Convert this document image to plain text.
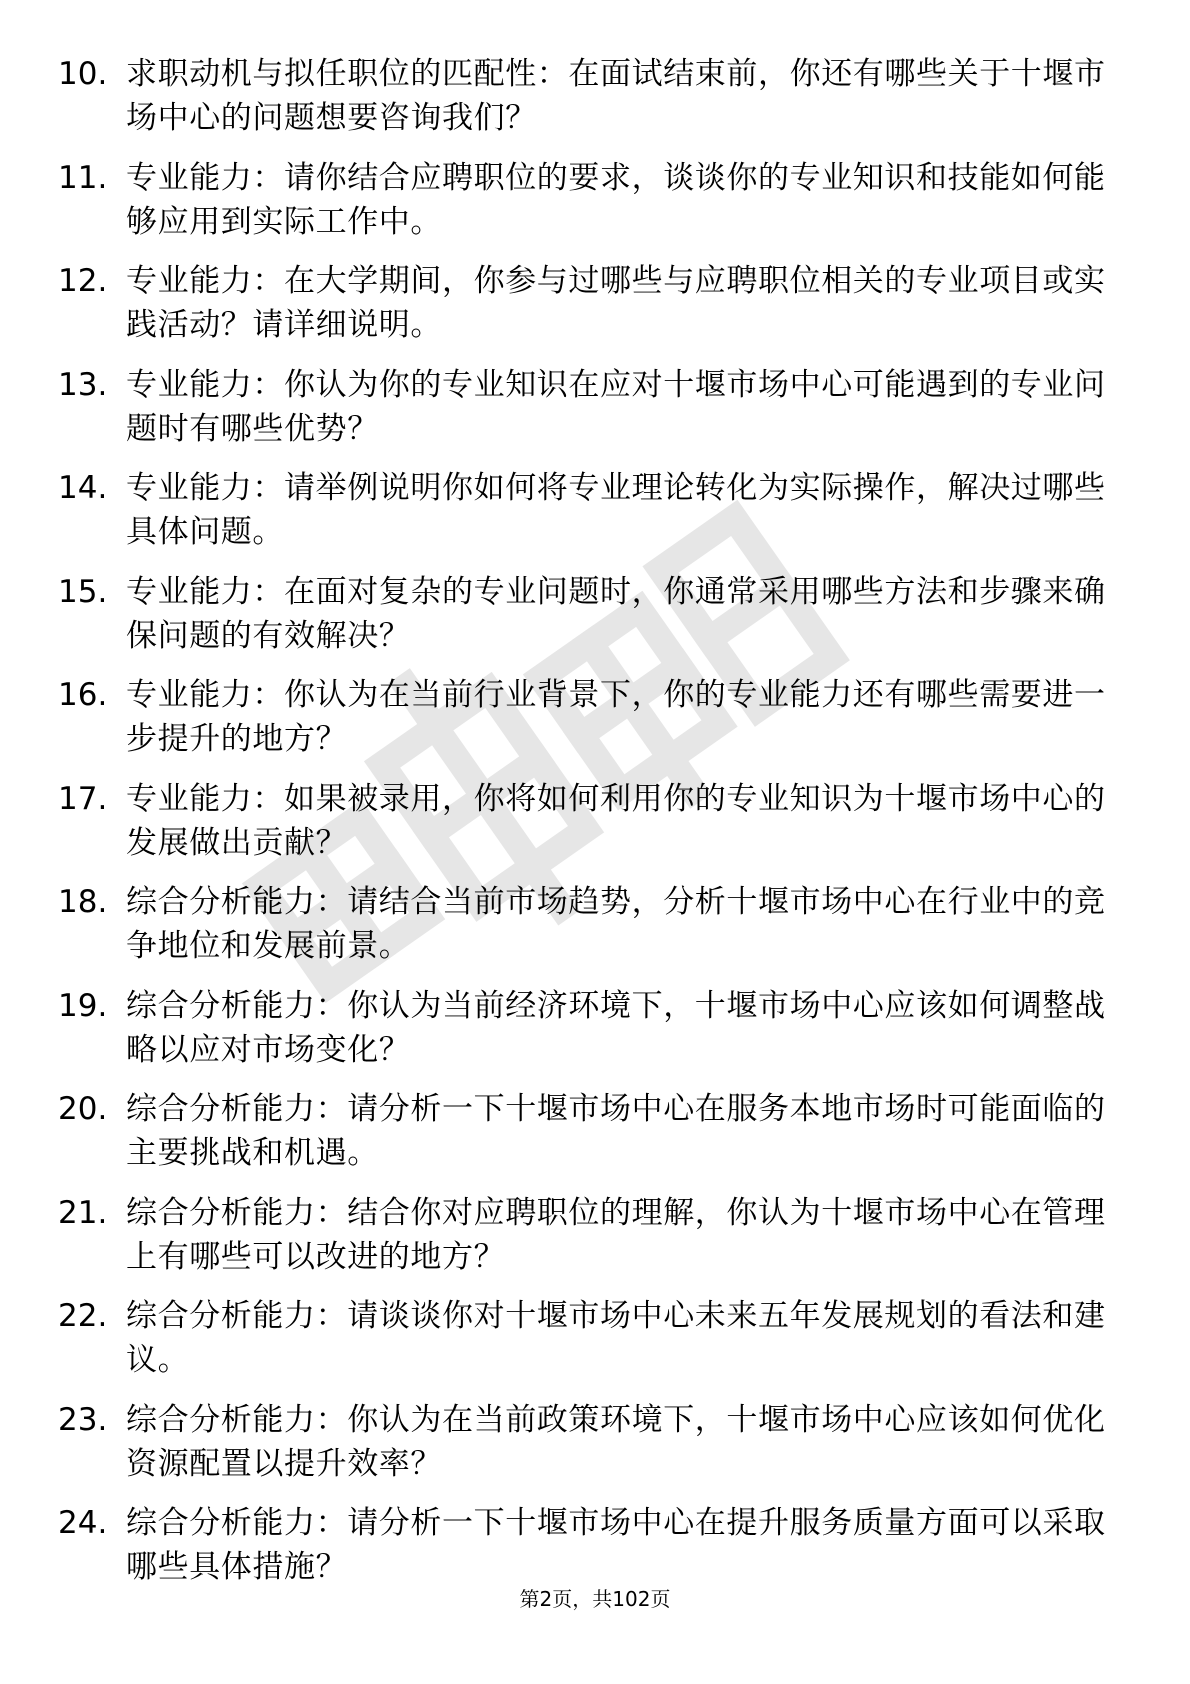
10. 求职动机与拟任职位的匹配性：在面试结束前，你还有哪些关于十堰市场中心的问题想要咨询我们？
11. 专业能力：请你结合应聘职位的要求，谈谈你的专业知识和技能如何能够应用到实际工作中。
12. 专业能力：在大学期间，你参与过哪些与应聘职位相关的专业项目或实践活动？请详细说明。
13. 专业能力：你认为你的专业知识在应对十堰市场中心可能遇到的专业问题时有哪些优势？
14. 专业能力：请举例说明你如何将专业理论转化为实际操作，解决过哪些具体问题。
15. 专业能力：在面对复杂的专业问题时，你通常采用哪些方法和步骤来确保问题的有效解决？
16. 专业能力：你认为在当前行业背景下，你的专业能力还有哪些需要进一步提升的地方？
17. 专业能力：如果被录用，你将如何利用你的专业知识为十堰市场中心的发展做出贡献？
18. 综合分析能力：请结合当前市场趋势，分析十堰市场中心在行业中的竞争地位和发展前景。
19. 综合分析能力：你认为当前经济环境下，十堰市场中心应该如何调整战略以应对市场变化？
20. 综合分析能力：请分析一下十堰市场中心在服务本地市场时可能面临的主要挑战和机遇。
21. 综合分析能力：结合你对应聘职位的理解，你认为十堰市场中心在管理上有哪些可以改进的地方？
22. 综合分析能力：请谈谈你对十堰市场中心未来五年发展规划的看法和建议。
23. 综合分析能力：你认为在当前政策环境下，十堰市场中心应该如何优化资源配置以提升效率？
24. 综合分析能力：请分析一下十堰市场中心在提升服务质量方面可以采取哪些具体措施？
第2页，共102页
